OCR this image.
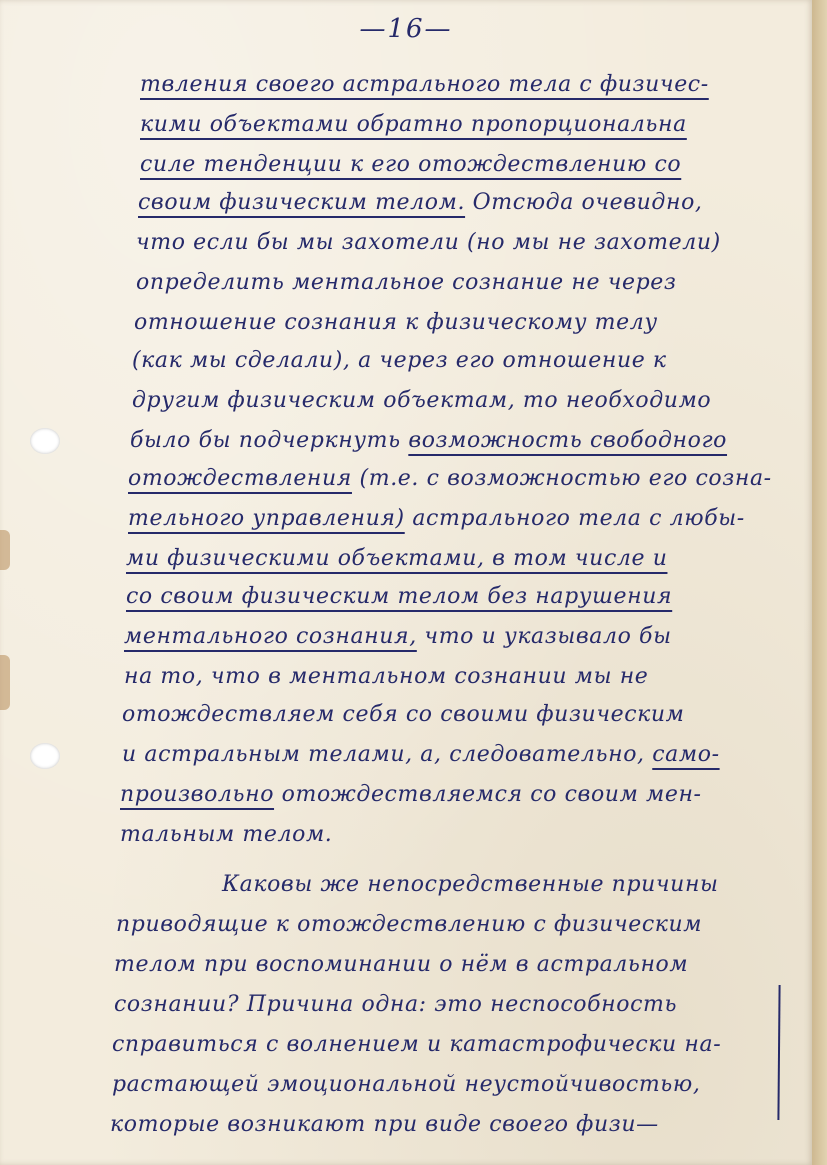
—16—
твления своего астрального тела с физичес-
кими объектами обратно пропорциональна
силе тенденции к его отождествлению со
своим физическим телом. Отсюда очевидно,
что если бы мы захотели (но мы не захотели)
определить ментальное сознание не через
отношение сознания к физическому телу
(как мы сделали), а через его отношение к
другим физическим объектам, то необходимо
было бы подчеркнуть возможность свободного
отождествления (т.е. с возможностью его созна-
тельного управления) астрального тела с любы-
ми физическими объектами, в том числе и
со своим физическим телом без нарушения
ментального сознания, что и указывало бы
на то, что в ментальном сознании мы не
отождествляем себя со своими физическим
и астральным телами, а, следовательно, само-
произвольно отождествляемся со своим мен-
тальным телом.
Каковы же непосредственные причины
приводящие к отождествлению с физическим
телом при воспоминании о нём в астральном
сознании? Причина одна: это неспособность
справиться с волнением и катастрофически на-
растающей эмоциональной неустойчивостью,
которые возникают при виде своего физи—
